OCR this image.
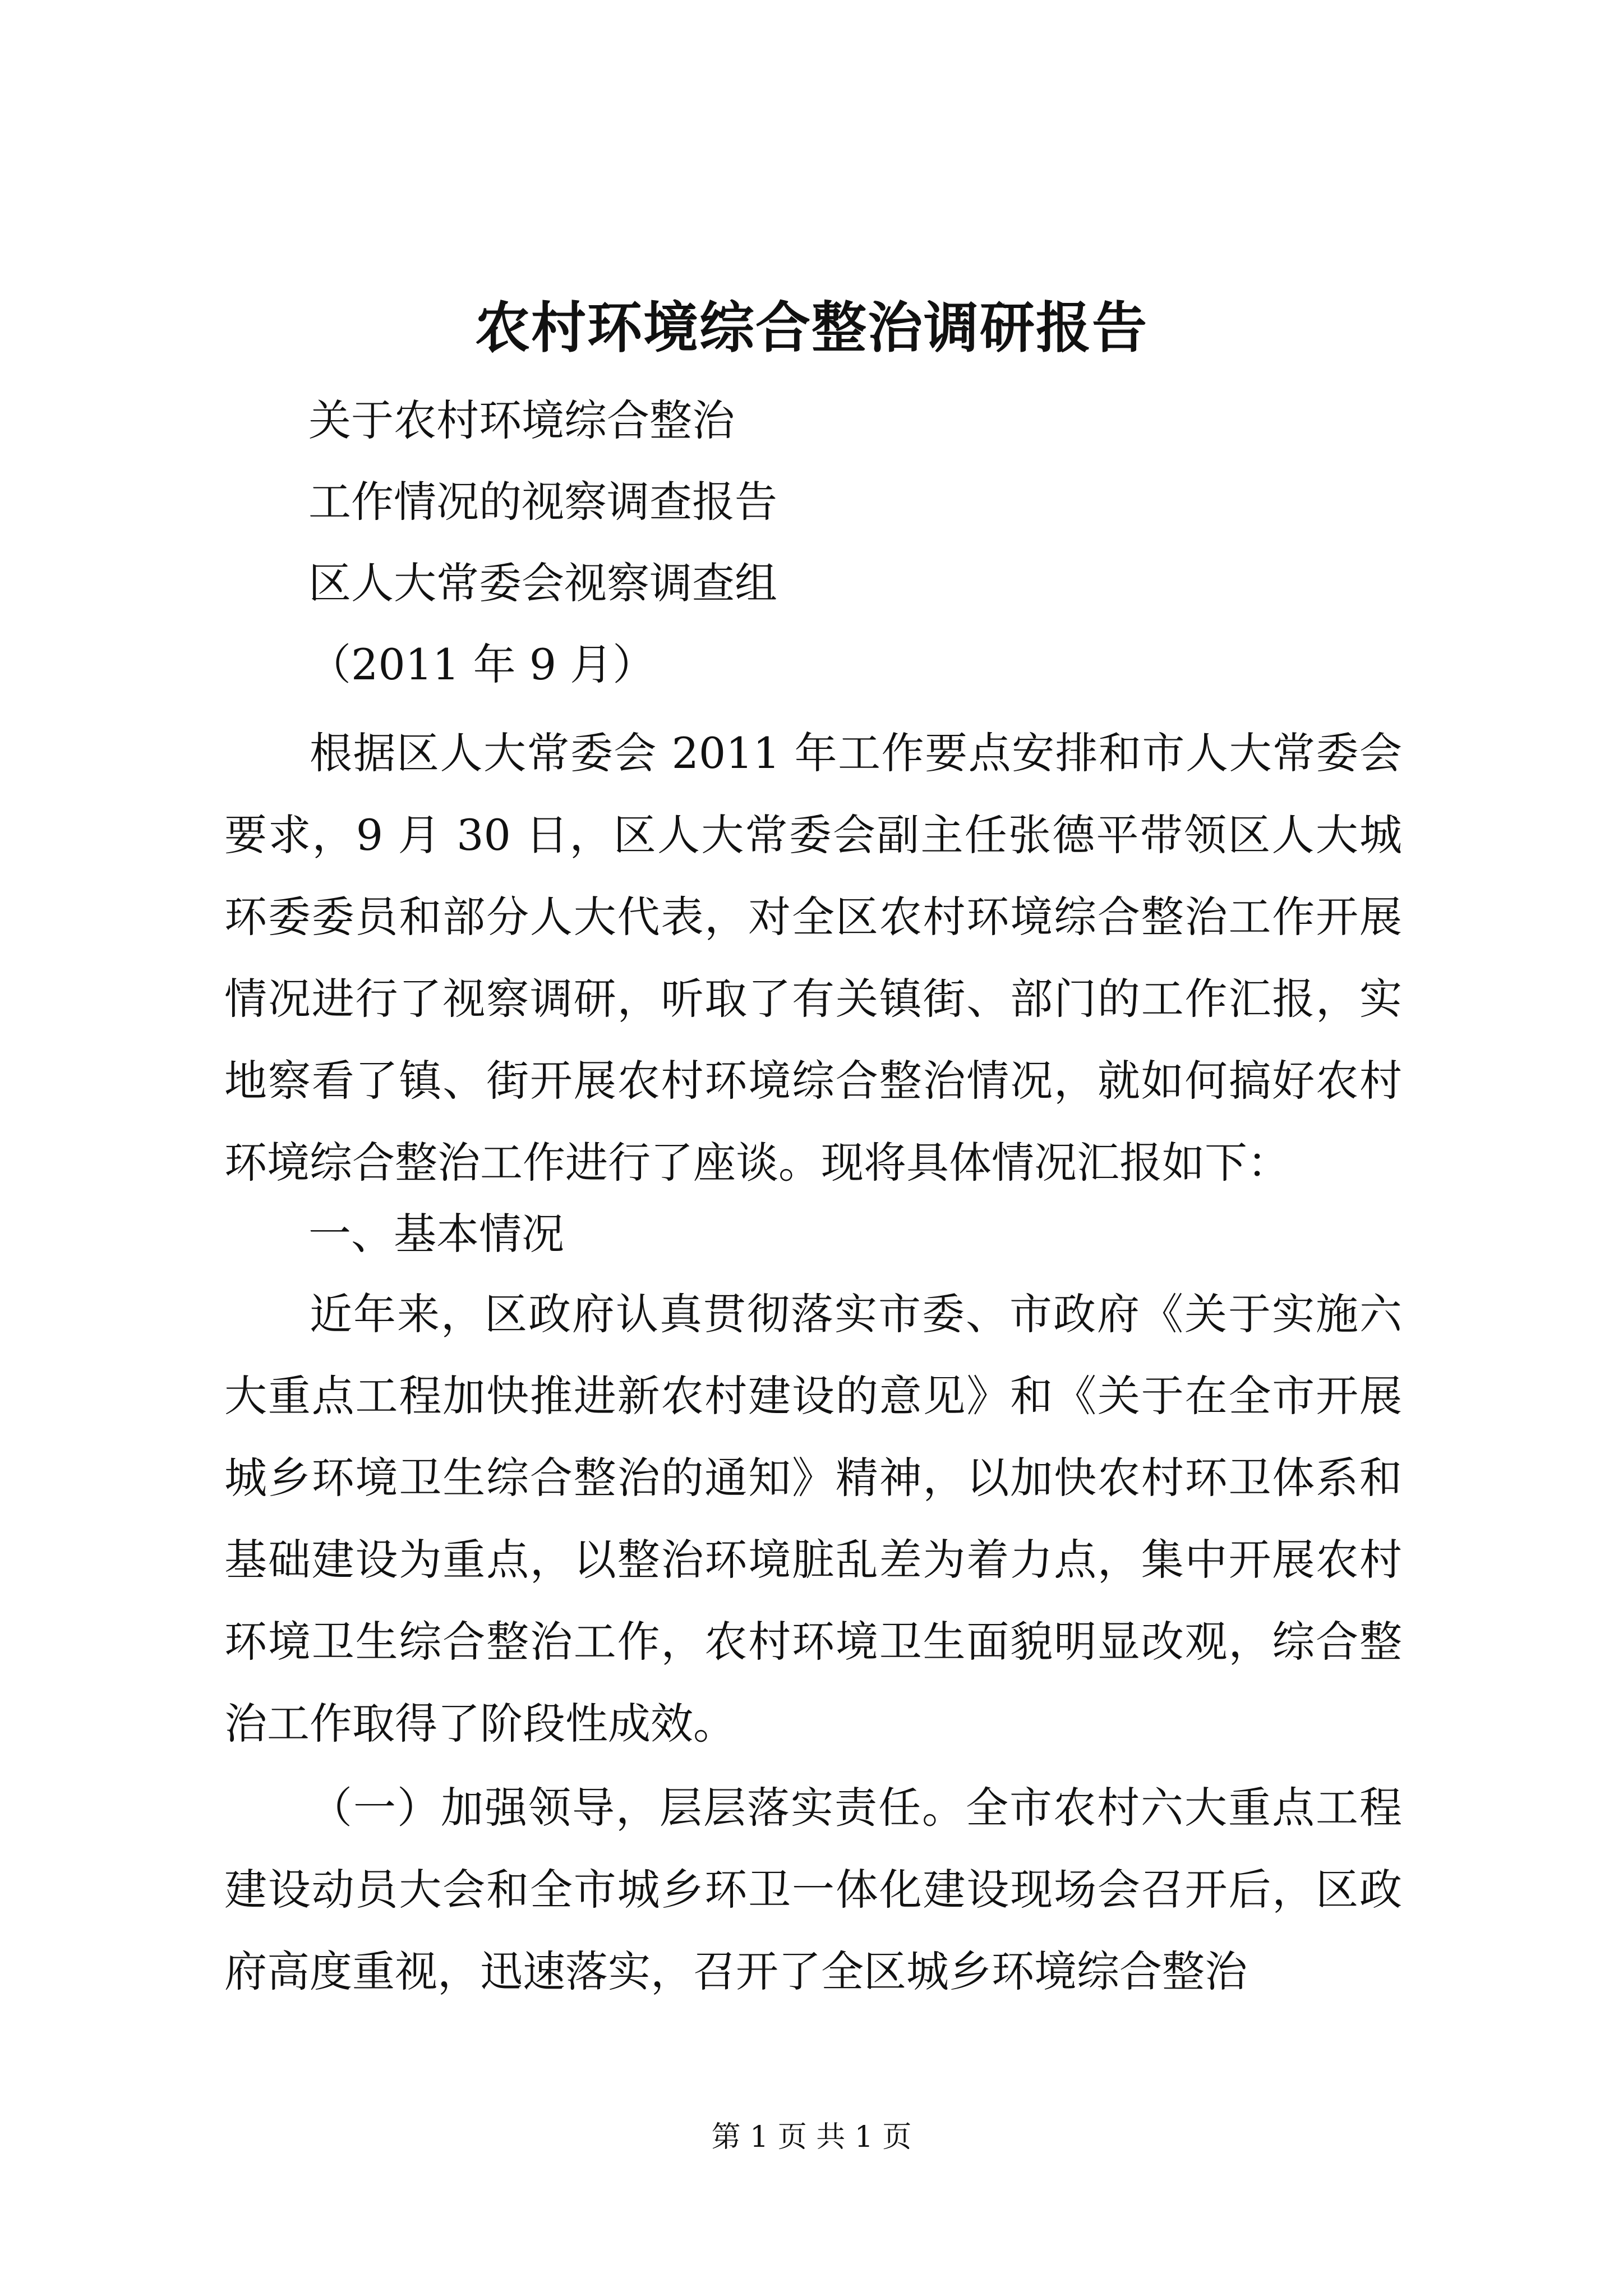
农村环境综合整治调研报告
关于农村环境综合整治
工作情况的视察调查报告
区人大常委会视察调查组
（2011 年 9 月）

根据区人大常委会 2011 年工作要点安排和市人大常委会要求，9 月 30 日，区人大常委会副主任张德平带领区人大城环委委员和部分人大代表，对全区农村环境综合整治工作开展情况进行了视察调研，听取了有关镇街、部门的工作汇报，实地察看了镇、街开展农村环境综合整治情况，就如何搞好农村环境综合整治工作进行了座谈。现将具体情况汇报如下：

一、基本情况

近年来，区政府认真贯彻落实市委、市政府《关于实施六大重点工程加快推进新农村建设的意见》和《关于在全市开展城乡环境卫生综合整治的通知》精神，以加快农村环卫体系和基础建设为重点，以整治环境脏乱差为着力点，集中开展农村环境卫生综合整治工作，农村环境卫生面貌明显改观，综合整治工作取得了阶段性成效。

（一）加强领导，层层落实责任。全市农村六大重点工程建设动员大会和全市城乡环卫一体化建设现场会召开后，区政府高度重视，迅速落实，召开了全区城乡环境综合整治

第 1 页 共 1 页
